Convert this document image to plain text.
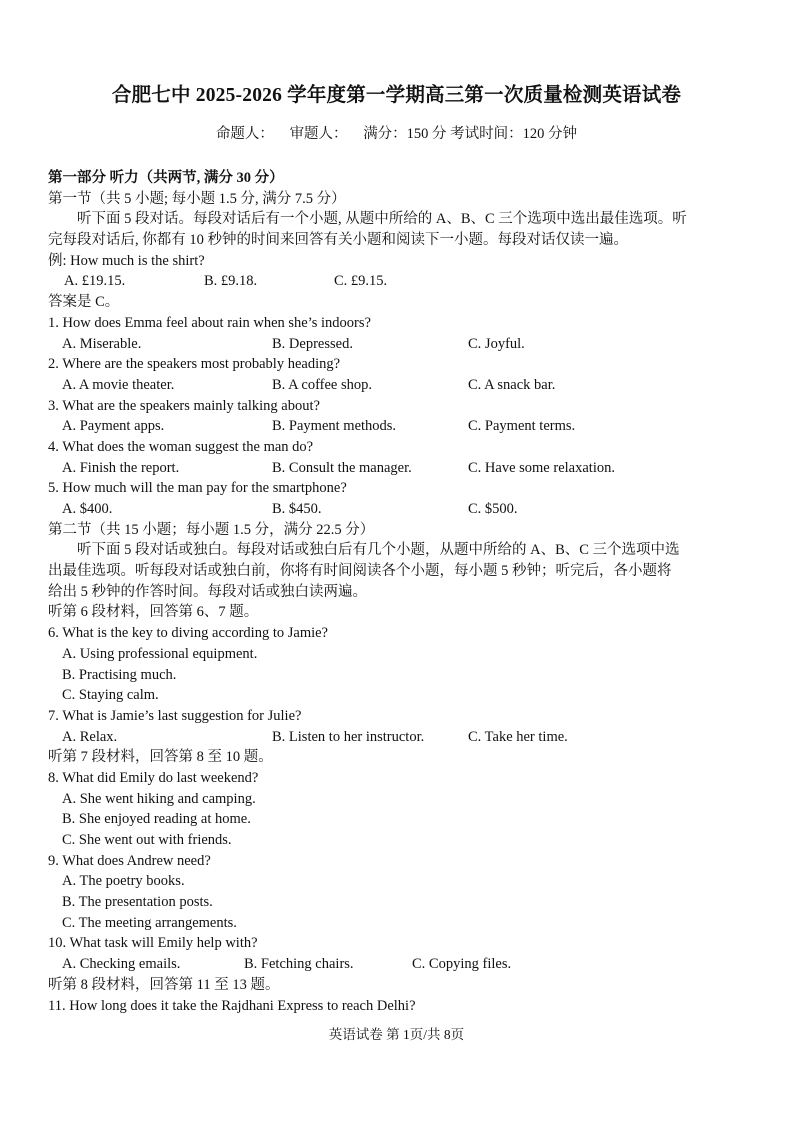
合肥七中 2025-2026 学年度第一学期高三第一次质量检测英语试卷
命题人： 审题人： 满分：150 分 考试时间：120 分钟
第一部分 听力（共两节, 满分 30 分）
第一节（共 5 小题; 每小题 1.5 分, 满分 7.5 分）
听下面 5 段对话。每段对话后有一个小题, 从题中所给的 A、B、C 三个选项中选出最佳选项。听
完每段对话后, 你都有 10 秒钟的时间来回答有关小题和阅读下一小题。每段对话仅读一遍。
例: How much is the shirt?
A. £19.15.	B. £9.18.	C. £9.15.
答案是 C。
1. How does Emma feel about rain when she’s indoors?
A. Miserable.	B. Depressed.	C. Joyful.
2. Where are the speakers most probably heading?
A. A movie theater.	B. A coffee shop.	C. A snack bar.
3. What are the speakers mainly talking about?
A. Payment apps.	B. Payment methods.	C. Payment terms.
4. What does the woman suggest the man do?
A. Finish the report.	B. Consult the manager.	C. Have some relaxation.
5. How much will the man pay for the smartphone?
A. $400.	B. $450.	C. $500.
第二节（共 15 小题；每小题 1.5 分，满分 22.5 分）
听下面 5 段对话或独白。每段对话或独白后有几个小题，从题中所给的 A、B、C 三个选项中选
出最佳选项。听每段对话或独白前，你将有时间阅读各个小题，每小题 5 秒钟；听完后，各小题将
给出 5 秒钟的作答时间。每段对话或独白读两遍。
听第 6 段材料，回答第 6、7 题。
6. What is the key to diving according to Jamie?
A. Using professional equipment.
B. Practising much.
C. Staying calm.
7. What is Jamie’s last suggestion for Julie?
A. Relax.	B. Listen to her instructor.	C. Take her time.
听第 7 段材料，回答第 8 至 10 题。
8. What did Emily do last weekend?
A. She went hiking and camping.
B. She enjoyed reading at home.
C. She went out with friends.
9. What does Andrew need?
A. The poetry books.
B. The presentation posts.
C. The meeting arrangements.
10. What task will Emily help with?
A. Checking emails.	B. Fetching chairs.	C. Copying files.
听第 8 段材料，回答第 11 至 13 题。
11. How long does it take the Rajdhani Express to reach Delhi?
英语试卷 第 1页/共 8页
